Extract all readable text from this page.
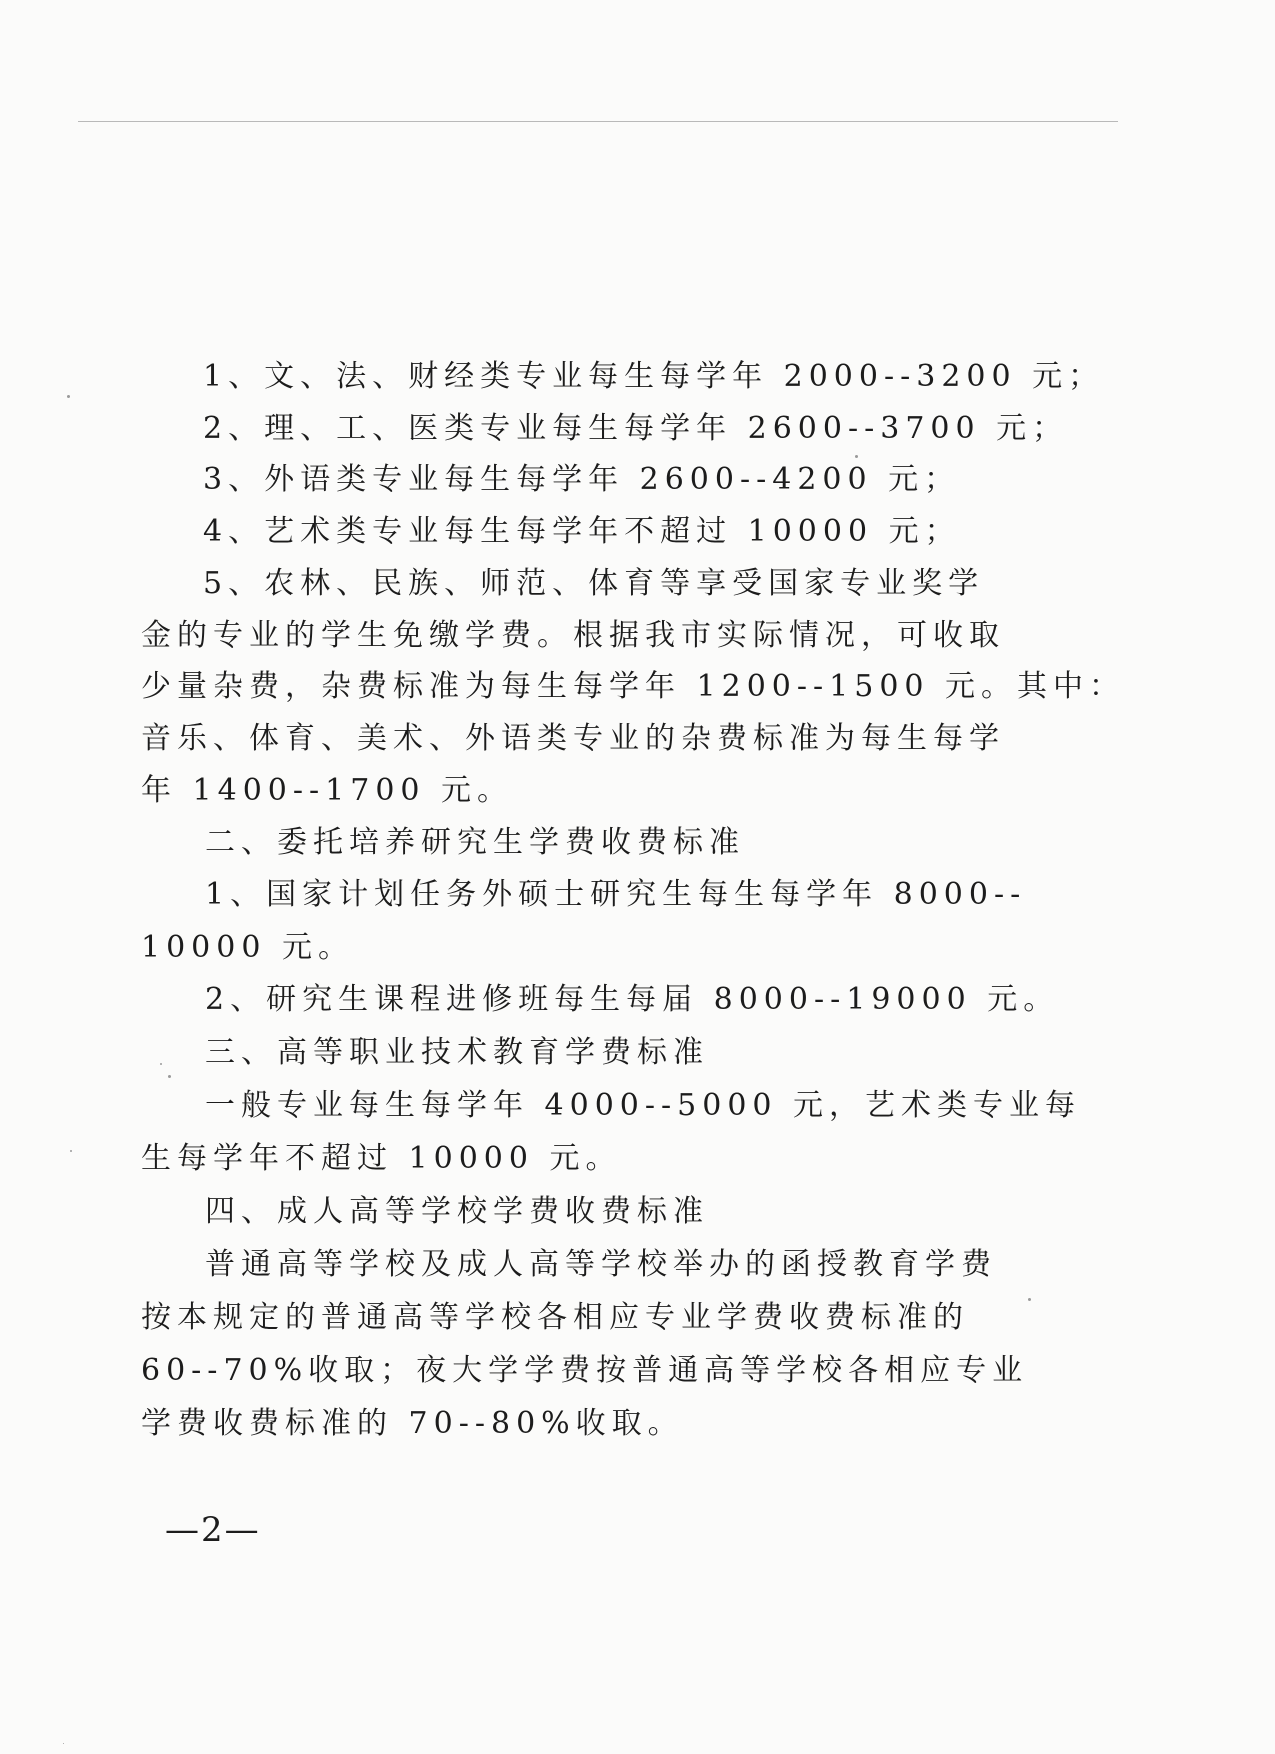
1、文、法、财经类专业每生每学年 2000--3200 元；
2、理、工、医类专业每生每学年 2600--3700 元；
3、外语类专业每生每学年 2600--4200 元；
4、艺术类专业每生每学年不超过 10000 元；
5、农林、民族、师范、体育等享受国家专业奖学
金的专业的学生免缴学费。根据我市实际情况，可收取
少量杂费，杂费标准为每生每学年 1200--1500 元。其中：
音乐、体育、美术、外语类专业的杂费标准为每生每学
年 1400--1700 元。
二、委托培养研究生学费收费标准
1、国家计划任务外硕士研究生每生每学年 8000--
10000 元。
2、研究生课程进修班每生每届 8000--19000 元。
三、高等职业技术教育学费标准
一般专业每生每学年 4000--5000 元，艺术类专业每
生每学年不超过 10000 元。
四、成人高等学校学费收费标准
普通高等学校及成人高等学校举办的函授教育学费
按本规定的普通高等学校各相应专业学费收费标准的
60--70%收取；夜大学学费按普通高等学校各相应专业
学费收费标准的 70--80%收取。
—2—
